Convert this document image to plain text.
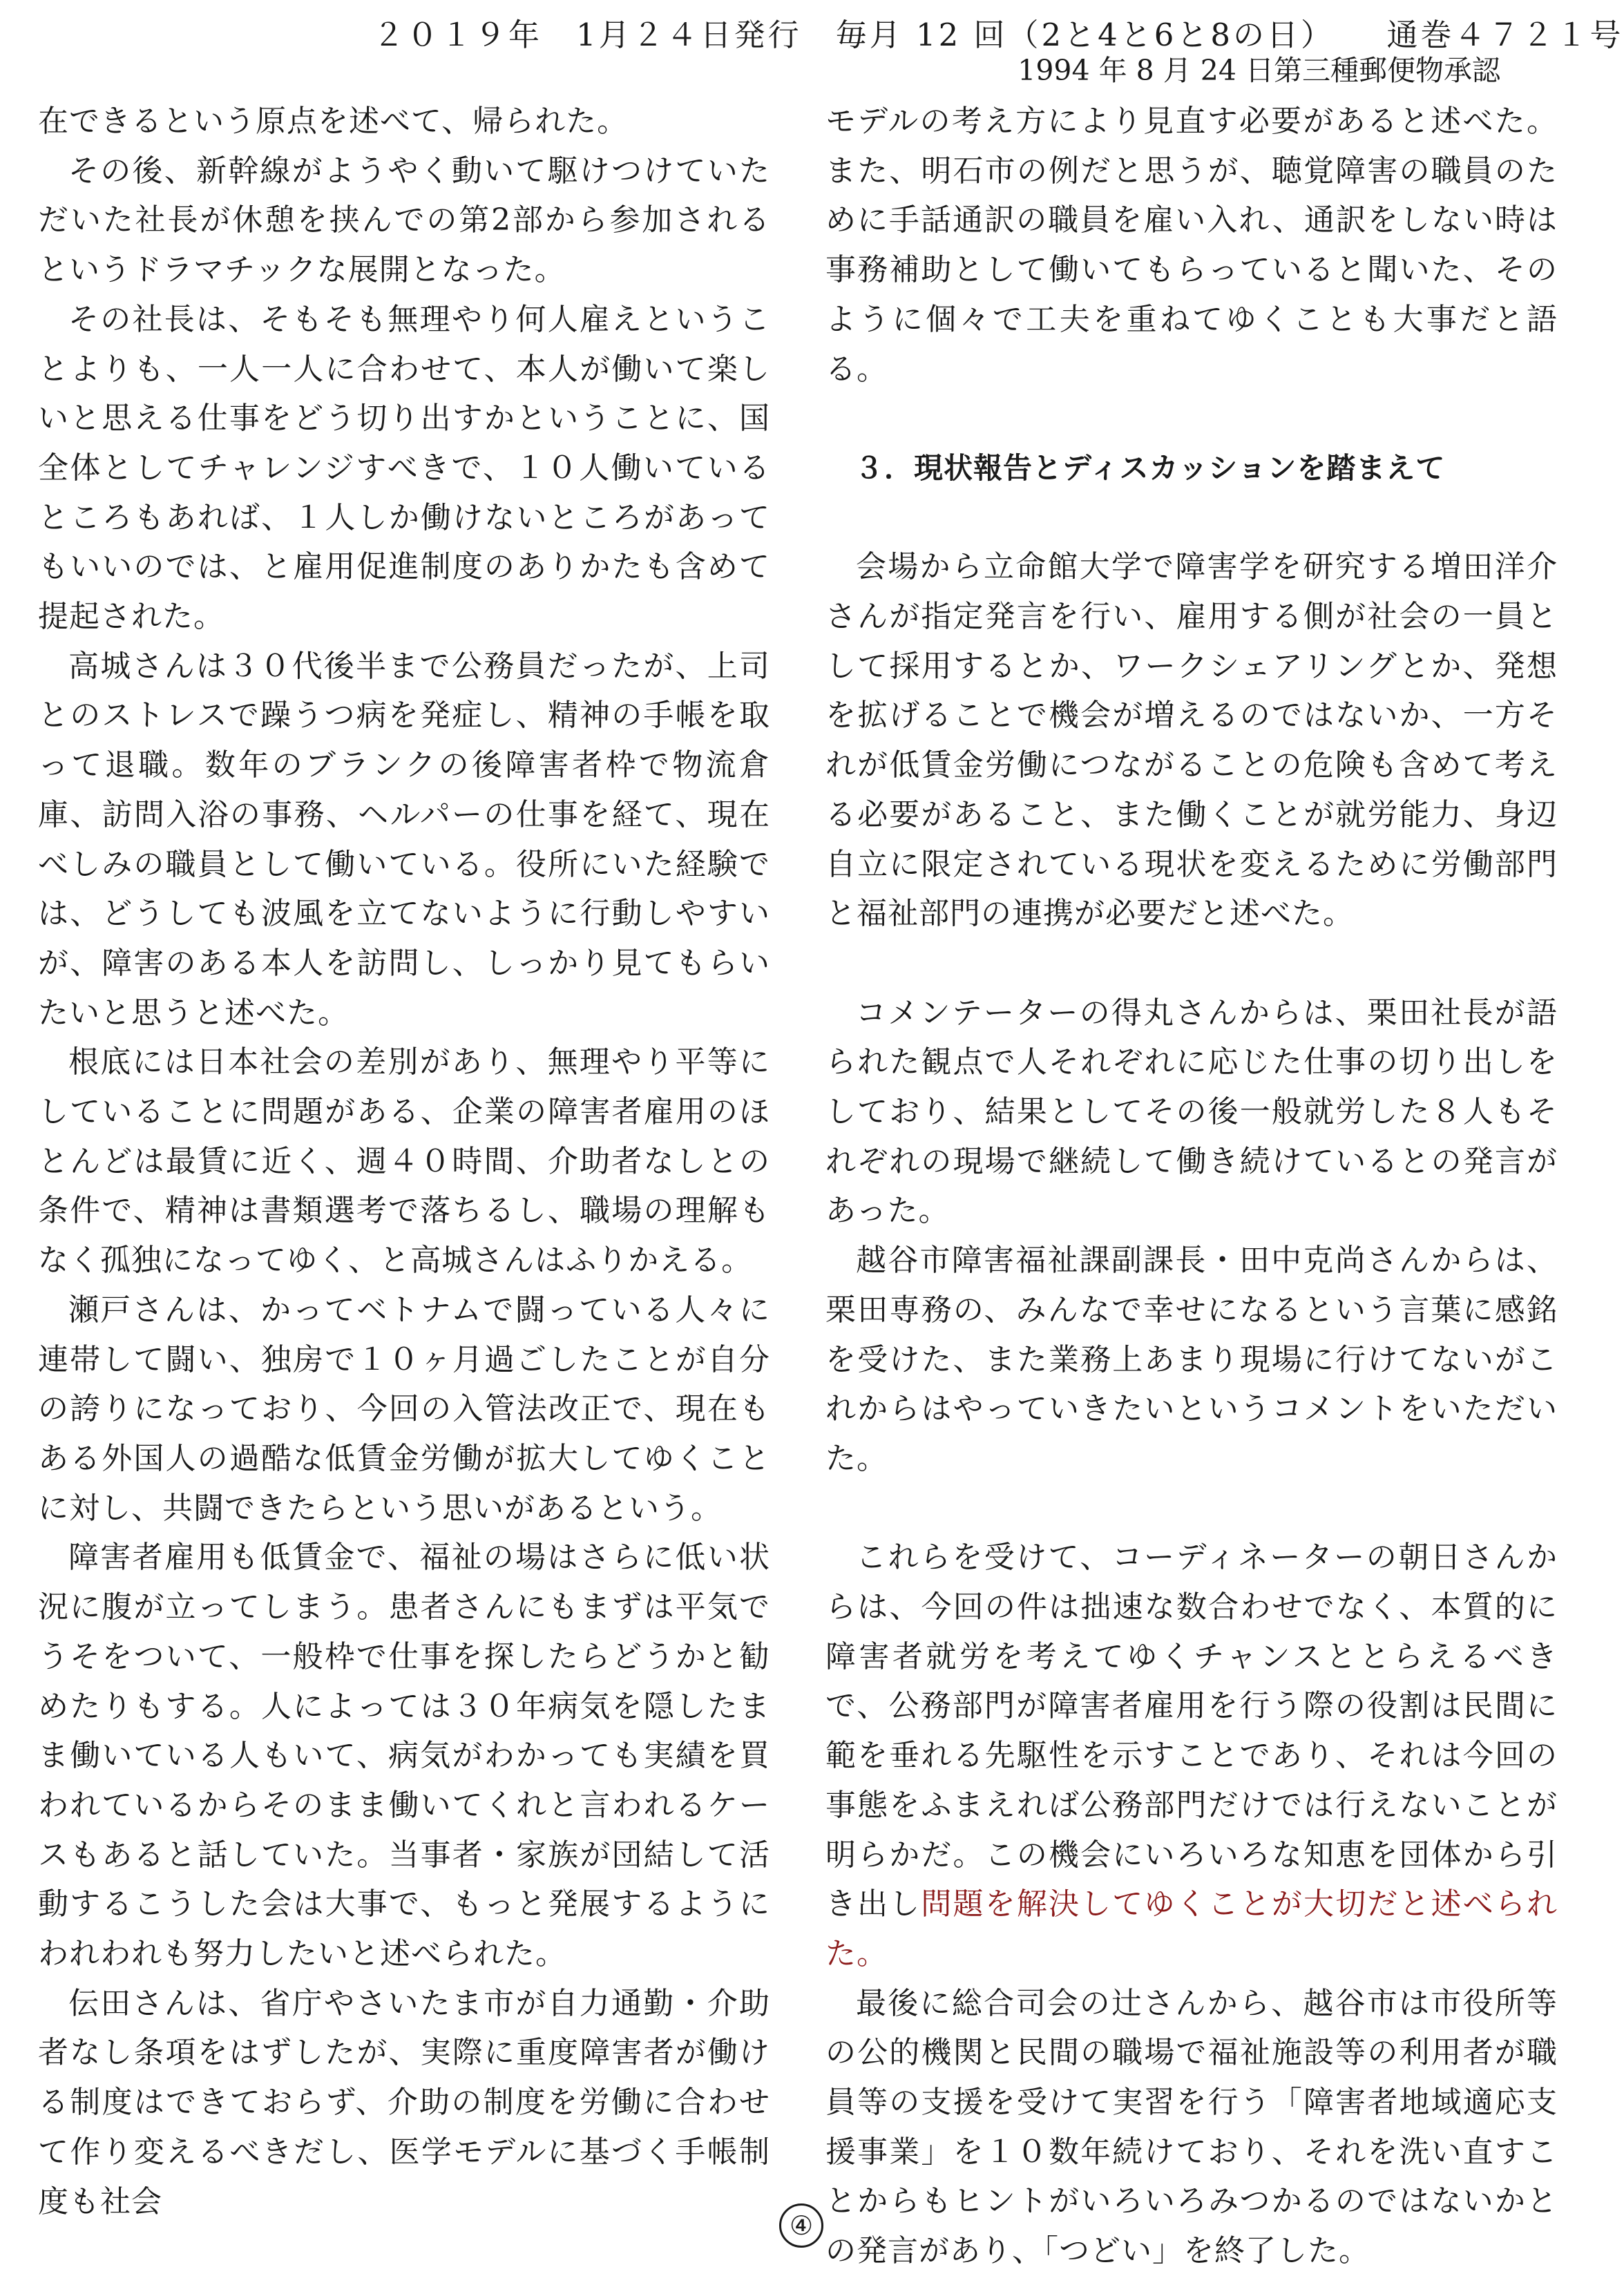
２０１９年　1月２４日発行　毎月 12 回（2と4と6と8の日）　　通巻４７２１号
1994 年 8 月 24 日第三種郵便物承認

在できるという原点を述べて、帰られた。

その後、新幹線がようやく動いて駆けつけていただいた社長が休憩を挟んでの第2部から参加されるというドラマチックな展開となった。

その社長は、そもそも無理やり何人雇えということよりも、一人一人に合わせて、本人が働いて楽しいと思える仕事をどう切り出すかということに、国全体としてチャレンジすべきで、１０人働いているところもあれば、１人しか働けないところがあってもいいのでは、と雇用促進制度のありかたも含めて提起された。

高城さんは３０代後半まで公務員だったが、上司とのストレスで躁うつ病を発症し、精神の手帳を取って退職。数年のブランクの後障害者枠で物流倉庫、訪問入浴の事務、ヘルパーの仕事を経て、現在べしみの職員として働いている。役所にいた経験では、どうしても波風を立てないように行動しやすいが、障害のある本人を訪問し、しっかり見てもらいたいと思うと述べた。

根底には日本社会の差別があり、無理やり平等にしていることに問題がある、企業の障害者雇用のほとんどは最賃に近く、週４０時間、介助者なしとの条件で、精神は書類選考で落ちるし、職場の理解もなく孤独になってゆく、と高城さんはふりかえる。

瀬戸さんは、かってベトナムで闘っている人々に連帯して闘い、独房で１０ヶ月過ごしたことが自分の誇りになっており、今回の入管法改正で、現在もある外国人の過酷な低賃金労働が拡大してゆくことに対し、共闘できたらという思いがあるという。

障害者雇用も低賃金で、福祉の場はさらに低い状況に腹が立ってしまう。患者さんにもまずは平気でうそをついて、一般枠で仕事を探したらどうかと勧めたりもする。人によっては３０年病気を隠したまま働いている人もいて、病気がわかっても実績を買われているからそのまま働いてくれと言われるケースもあると話していた。当事者・家族が団結して活動するこうした会は大事で、もっと発展するようにわれわれも努力したいと述べられた。

伝田さんは、省庁やさいたま市が自力通勤・介助者なし条項をはずしたが、実際に重度障害者が働ける制度はできておらず、介助の制度を労働に合わせて作り変えるべきだし、医学モデルに基づく手帳制度も社会

モデルの考え方により見直す必要があると述べた。また、明石市の例だと思うが、聴覚障害の職員のために手話通訳の職員を雇い入れ、通訳をしない時は事務補助として働いてもらっていると聞いた、そのように個々で工夫を重ねてゆくことも大事だと語る。

３．現状報告とディスカッションを踏まえて

会場から立命館大学で障害学を研究する増田洋介さんが指定発言を行い、雇用する側が社会の一員として採用するとか、ワークシェアリングとか、発想を拡げることで機会が増えるのではないか、一方それが低賃金労働につながることの危険も含めて考える必要があること、また働くことが就労能力、身辺自立に限定されている現状を変えるために労働部門と福祉部門の連携が必要だと述べた。

コメンテーターの得丸さんからは、栗田社長が語られた観点で人それぞれに応じた仕事の切り出しをしており、結果としてその後一般就労した８人もそれぞれの現場で継続して働き続けているとの発言があった。

越谷市障害福祉課副課長・田中克尚さんからは、栗田専務の、みんなで幸せになるという言葉に感銘を受けた、また業務上あまり現場に行けてないがこれからはやっていきたいというコメントをいただいた。

これらを受けて、コーディネーターの朝日さんからは、今回の件は拙速な数合わせでなく、本質的に障害者就労を考えてゆくチャンスととらえるべきで、公務部門が障害者雇用を行う際の役割は民間に範を垂れる先駆性を示すことであり、それは今回の事態をふまえれば公務部門だけでは行えないことが明らかだ。この機会にいろいろな知恵を団体から引き出し問題を解決してゆくことが大切だと述べられた。

最後に総合司会の辻さんから、越谷市は市役所等の公的機関と民間の職場で福祉施設等の利用者が職員等の支援を受けて実習を行う「障害者地域適応支援事業」を１０数年続けており、それを洗い直すことからもヒントがいろいろみつかるのではないかとの発言があり、「つどい」を終了した。

④
